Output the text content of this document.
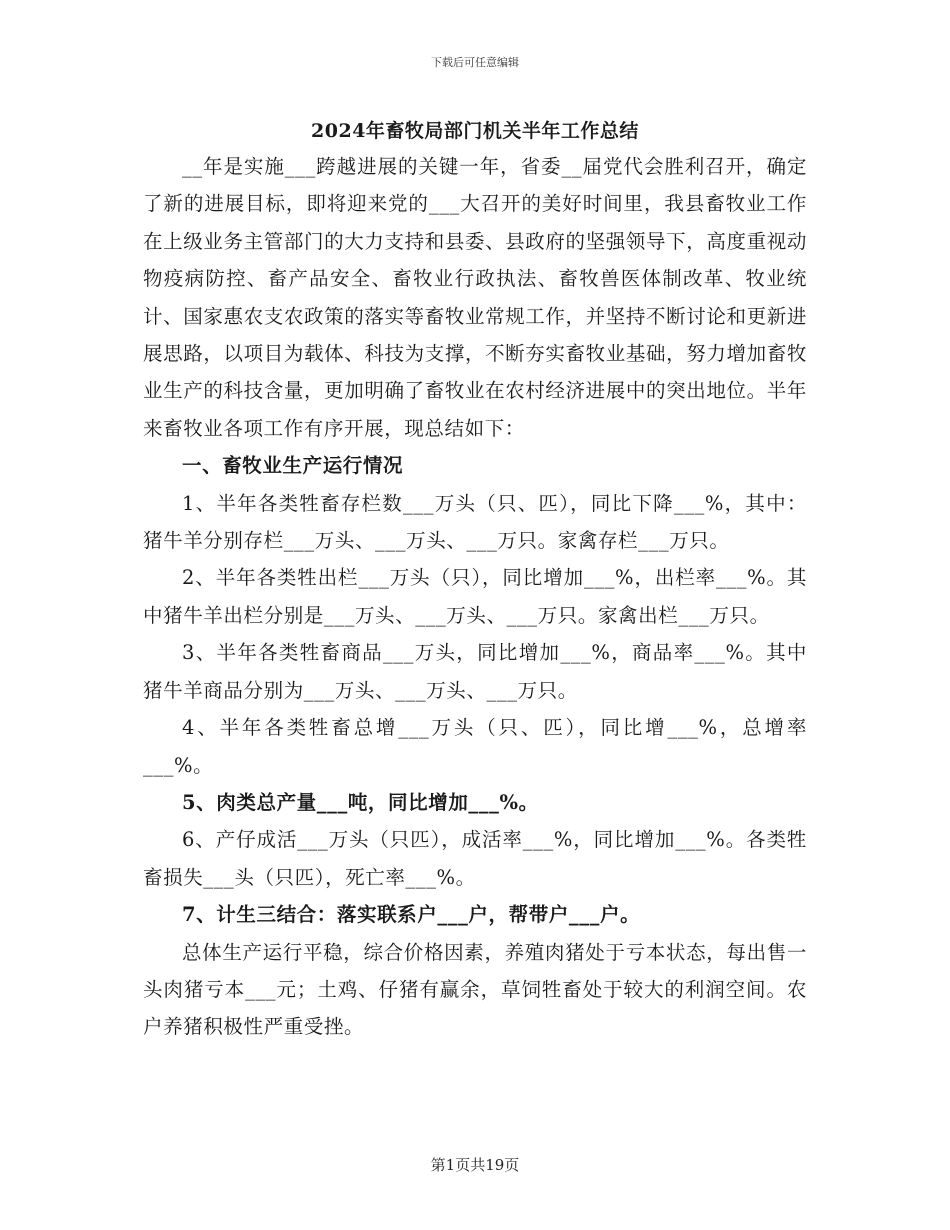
下载后可任意编辑
2024年畜牧局部门机关半年工作总结

__年是实施___跨越进展的关键一年，省委__届党代会胜利召开，确定了新的进展目标，即将迎来党的___大召开的美好时间里，我县畜牧业工作在上级业务主管部门的大力支持和县委、县政府的坚强领导下，高度重视动物疫病防控、畜产品安全、畜牧业行政执法、畜牧兽医体制改革、牧业统计、国家惠农支农政策的落实等畜牧业常规工作，并坚持不断讨论和更新进展思路，以项目为载体、科技为支撑，不断夯实畜牧业基础，努力增加畜牧业生产的科技含量，更加明确了畜牧业在农村经济进展中的突出地位。半年来畜牧业各项工作有序开展，现总结如下：

一、畜牧业生产运行情况

1、半年各类牲畜存栏数___万头（只、匹），同比下降___%，其中：猪牛羊分别存栏___万头、___万头、___万只。家禽存栏___万只。

2、半年各类牲出栏___万头（只），同比增加___%，出栏率___%。其中猪牛羊出栏分别是___万头、___万头、___万只。家禽出栏___万只。

3、半年各类牲畜商品___万头，同比增加___%，商品率___%。其中猪牛羊商品分别为___万头、___万头、___万只。

4、半年各类牲畜总增___万头（只、匹），同比增___%，总增率___%。

5、肉类总产量___吨，同比增加___%。

6、产仔成活___万头（只匹），成活率___%，同比增加___%。各类牲畜损失___头（只匹），死亡率___%。

7、计生三结合：落实联系户___户，帮带户___户。

总体生产运行平稳，综合价格因素，养殖肉猪处于亏本状态，每出售一头肉猪亏本___元；土鸡、仔猪有赢余，草饲牲畜处于较大的利润空间。农户养猪积极性严重受挫。

第1页共19页
